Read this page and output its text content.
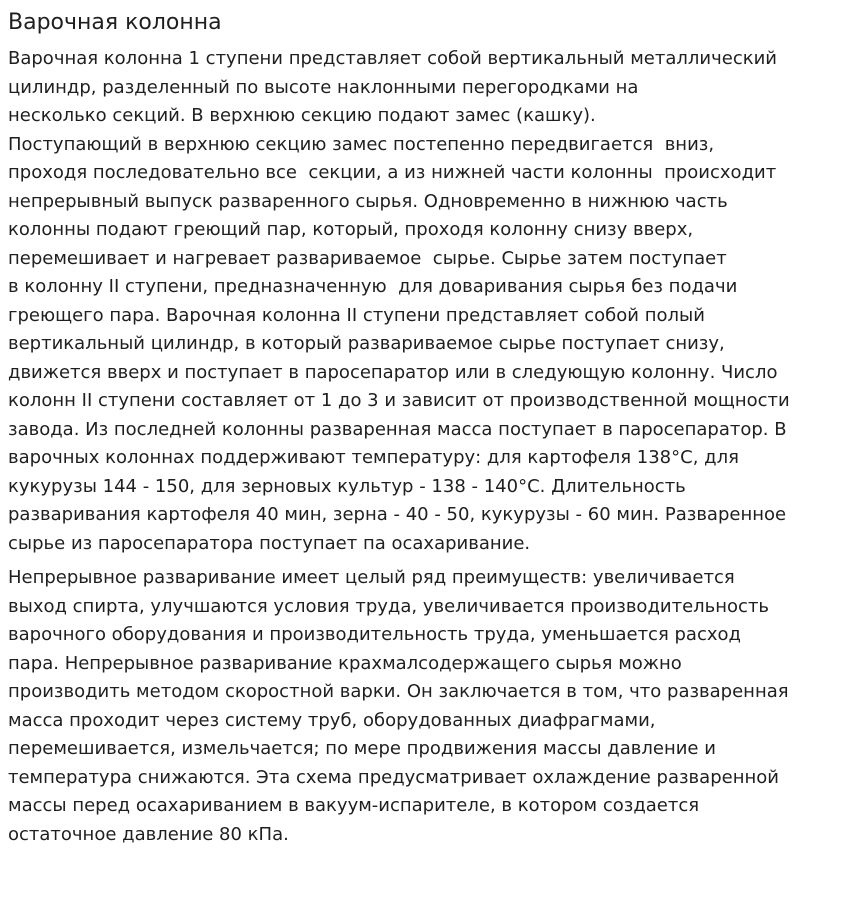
Варочная колонна

Варочная колонна 1 ступени представляет собой вертикальный металлический
цилиндр, разделенный по высоте наклонными перегородками на
несколько секций. В верхнюю секцию подают замес (кашку).
Поступающий в верхнюю секцию замес постепенно передвигается  вниз,
проходя последовательно все  секции, а из нижней части колонны  происходит
непрерывный выпуск разваренного сырья. Одновременно в нижнюю часть
колонны подают греющий пар, который, проходя колонну снизу вверх,
перемешивает и нагревает развариваемое  сырье. Сырье затем поступает
в колонну II ступени, предназначенную  для доваривания сырья без подачи
греющего пара. Варочная колонна II ступени представляет собой полый
вертикальный цилиндр, в который развариваемое сырье поступает снизу,
движется вверх и поступает в паросепаратор или в следующую колонну. Число
колонн II ступени составляет от 1 до 3 и зависит от производственной мощности
завода. Из последней колонны разваренная масса поступает в паросепаратор. В
варочных колоннах поддерживают температуру: для картофеля 138°С, для
кукурузы 144 - 150, для зерновых культур - 138 - 140°С. Длительность
разваривания картофеля 40 мин, зерна - 40 - 50, кукурузы - 60 мин. Разваренное
сырье из паросепаратора поступает па осахаривание.

Непрерывное разваривание имеет целый ряд преимуществ: увеличивается
выход спирта, улучшаются условия труда, увеличивается производительность
варочного оборудования и производительность труда, уменьшается расход
пара. Непрерывное разваривание крахмалсодержащего сырья можно
производить методом скоростной варки. Он заключается в том, что разваренная
масса проходит через систему труб, оборудованных диафрагмами,
перемешивается, измельчается; по мере продвижения массы давление и
температура снижаются. Эта схема предусматривает охлаждение разваренной
массы перед осахариванием в вакуум-испарителе, в котором создается
остаточное давление 80 кПа.
